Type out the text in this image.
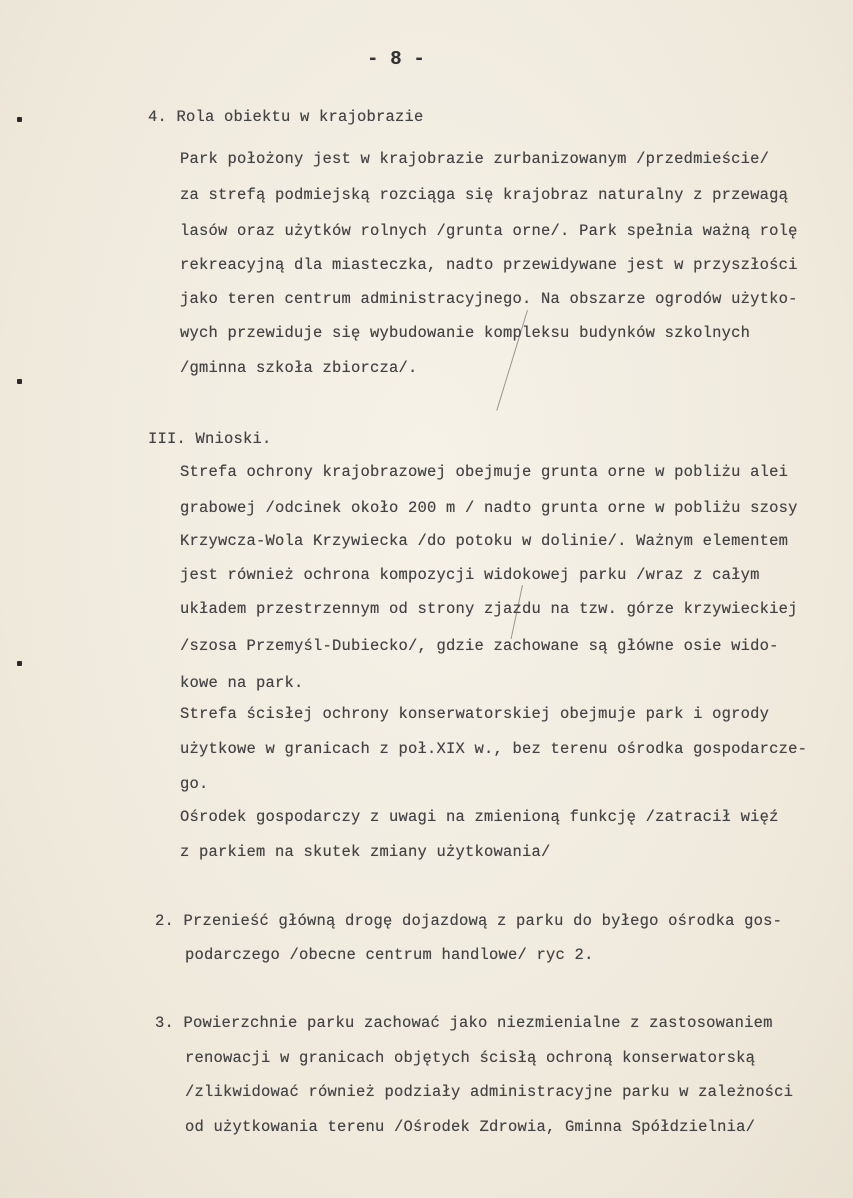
- 8 -
4. Rola obiektu w krajobrazie
Park położony jest w krajobrazie zurbanizowanym /przedmieście/
za strefą podmiejską rozciąga się krajobraz naturalny z przewagą
lasów oraz użytków rolnych /grunta orne/. Park spełnia ważną rolę
rekreacyjną dla miasteczka, nadto przewidywane jest w przyszłości
jako teren centrum administracyjnego. Na obszarze ogrodów użytko-
wych przewiduje się wybudowanie kompleksu budynków szkolnych
/gminna szkoła zbiorcza/.
III. Wnioski.
Strefa ochrony krajobrazowej obejmuje grunta orne w pobliżu alei
grabowej /odcinek około 200 m / nadto grunta orne w pobliżu szosy
Krzywcza-Wola Krzywiecka /do potoku w dolinie/. Ważnym elementem
jest również ochrona kompozycji widokowej parku /wraz z całym
układem przestrzennym od strony zjazdu na tzw. górze krzywieckiej
/szosa Przemyśl-Dubiecko/, gdzie zachowane są główne osie wido-
kowe na park.
Strefa ścisłej ochrony konserwatorskiej obejmuje park i ogrody
użytkowe w granicach z poł.XIX w., bez terenu ośrodka gospodarcze-
go.
Ośrodek gospodarczy z uwagi na zmienioną funkcję /zatracił więź
z parkiem na skutek zmiany użytkowania/
2. Przenieść główną drogę dojazdową z parku do byłego ośrodka gos-
podarczego /obecne centrum handlowe/ ryc 2.
3. Powierzchnie parku zachować jako niezmienialne z zastosowaniem
renowacji w granicach objętych ścisłą ochroną konserwatorską
/zlikwidować również podziały administracyjne parku w zależności
od użytkowania terenu /Ośrodek Zdrowia, Gminna Spółdzielnia/
